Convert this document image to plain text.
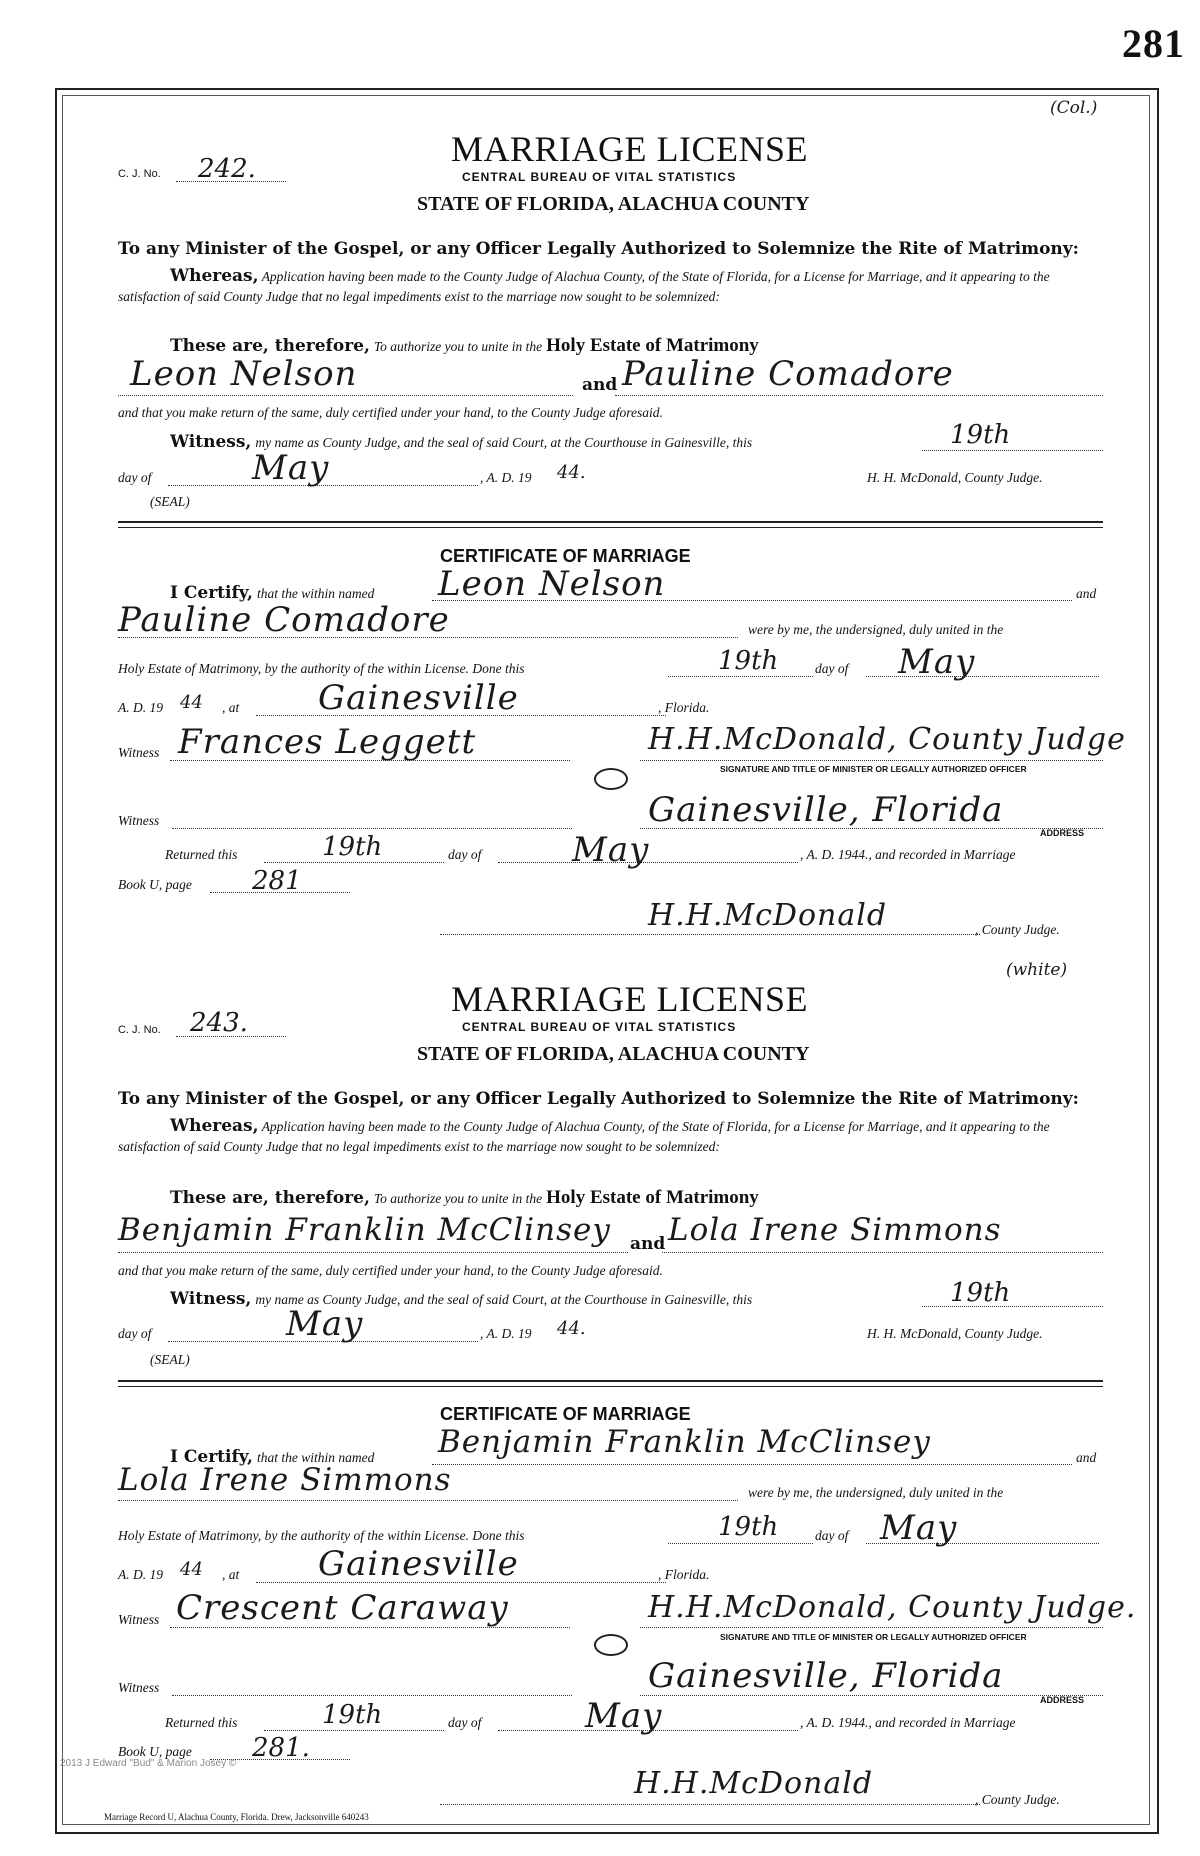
281
(Col.)
C. J. No. 242.	MARRIAGE LICENSE
CENTRAL BUREAU OF VITAL STATISTICS
STATE OF FLORIDA, ALACHUA COUNTY
To any Minister of the Gospel, or any Officer Legally Authorized to Solemnize the Rite of Matrimony:
Whereas, Application having been made to the County Judge of Alachua County, of the State of Florida, for a License for Marriage, and it appearing to the satisfaction of said County Judge that no legal impediments exist to the marriage now sought to be solemnized:
These are, therefore, To authorize you to unite in the Holy Estate of Matrimony
Leon Nelson	and Pauline Comadore
and that you make return of the same, duly certified under your hand, to the County Judge aforesaid.
Witness, my name as County Judge, and the seal of said Court, at the Courthouse in Gainesville, this	19th
day of	May	, A. D. 19 44.	H. H. McDonald, County Judge.
(SEAL)
CERTIFICATE OF MARRIAGE
I Certify, that the within named Leon Nelson	and
Pauline Comadore	were by me, the undersigned, duly united in the
Holy Estate of Matrimony, by the authority of the within License. Done this	19th	day of May
A. D. 19 44 , at Gainesville	, Florida.
Witness Frances Leggett	H.H.McDonald, County Judge
SIGNATURE AND TITLE OF MINISTER OR LEGALLY AUTHORIZED OFFICER
Witness	Gainesville, Florida
ADDRESS
Returned this	19th	day of	May	, A. D. 1944., and recorded in Marriage
Book U, page 281
H.H.McDonald	, County Judge.
(white)
C. J. No. 243.
MARRIAGE LICENSE
CENTRAL BUREAU OF VITAL STATISTICS
STATE OF FLORIDA, ALACHUA COUNTY
To any Minister of the Gospel, or any Officer Legally Authorized to Solemnize the Rite of Matrimony:
Whereas, Application having been made to the County Judge of Alachua County, of the State of Florida, for a License for Marriage, and it appearing to the satisfaction of said County Judge that no legal impediments exist to the marriage now sought to be solemnized:
These are, therefore, To authorize you to unite in the Holy Estate of Matrimony
Benjamin Franklin McClinsey and Lola Irene Simmons
and that you make return of the same, duly certified under your hand, to the County Judge aforesaid.
Witness, my name as County Judge, and the seal of said Court, at the Courthouse in Gainesville, this	19th
day of	May	, A. D. 19 44.	H. H. McDonald, County Judge.
(SEAL)
CERTIFICATE OF MARRIAGE
I Certify, that the within named Benjamin Franklin McClinsey	and
Lola Irene Simmons	were by me, the undersigned, duly united in the
Holy Estate of Matrimony, by the authority of the within License. Done this	19th	day of May
A. D. 19 44 , at Gainesville	, Florida.
Witness Crescent Caraway	H.H.McDonald, County Judge.
SIGNATURE AND TITLE OF MINISTER OR LEGALLY AUTHORIZED OFFICER
Witness	Gainesville, Florida
ADDRESS
Returned this	19th	day of	May	, A. D. 1944., and recorded in Marriage
Book U, page 281.
H.H.McDonald	, County Judge.
2013 J Edward "Bud" & Marion Josey ©
Marriage Record U, Alachua County, Florida. Drew, Jacksonville 640243
